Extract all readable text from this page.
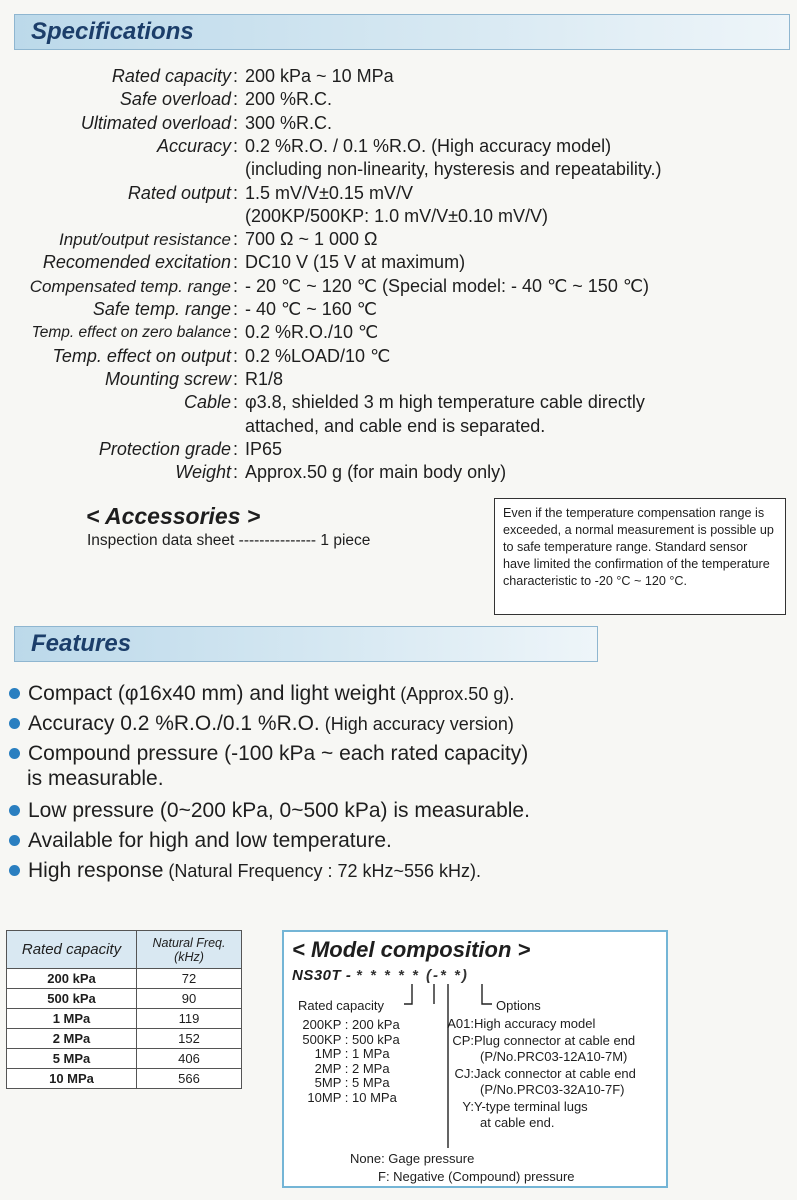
Specifications
Rated capacity : 200 kPa ~ 10 MPa
Safe overload : 200 %R.C.
Ultimated overload : 300 %R.C.
Accuracy : 0.2 %R.O. / 0.1 %R.O. (High accuracy model)
(including non-linearity, hysteresis and repeatability.)
Rated output : 1.5 mV/V±0.15 mV/V
(200KP/500KP: 1.0 mV/V±0.10 mV/V)
Input/output resistance : 700 Ω ~ 1 000 Ω
Recomended excitation : DC10 V (15 V at maximum)
Compensated temp. range : - 20 ℃ ~ 120 ℃ (Special model: - 40 ℃ ~ 150 ℃)
Safe temp. range : - 40 ℃ ~ 160 ℃
Temp. effect on zero balance : 0.2 %R.O./10 ℃
Temp. effect on output : 0.2 %LOAD/10 ℃
Mounting screw : R1/8
Cable : φ3.8, shielded 3 m high temperature cable directly
attached, and cable end is separated.
Protection grade : IP65
Weight : Approx.50 g (for main body only)
< Accessories >
Inspection data sheet --------------- 1 piece
Even if the temperature compensation range is exceeded, a normal measurement is possible up to safe temperature range. Standard sensor have limited the confirmation of the temperature characteristic to -20 °C ~ 120 °C.
Features
Compact (φ16x40 mm) and light weight (Approx.50 g).
Accuracy 0.2 %R.O./0.1 %R.O. (High accuracy version)
Compound pressure (-100 kPa ~ each rated capacity)
is measurable.
Low pressure (0~200 kPa, 0~500 kPa) is measurable.
Available for high and low temperature.
High response (Natural Frequency : 72 kHz~556 kHz).
Rated capacity	Natural Freq. (kHz)
200 kPa	72
500 kPa	90
1 MPa	119
2 MPa	152
5 MPa	406
10 MPa	566
< Model composition >
NS30T - * * * * * (-* *)
Rated capacity
200KP : 200 kPa
500KP : 500 kPa
1MP : 1 MPa
2MP : 2 MPa
5MP : 5 MPa
10MP : 10 MPa
Options
A01:High accuracy model
CP:Plug connector at cable end
(P/No.PRC03-12A10-7M)
CJ:Jack connector at cable end
(P/No.PRC03-32A10-7F)
Y:Y-type terminal lugs
at cable end.
None: Gage pressure
F: Negative (Compound) pressure
